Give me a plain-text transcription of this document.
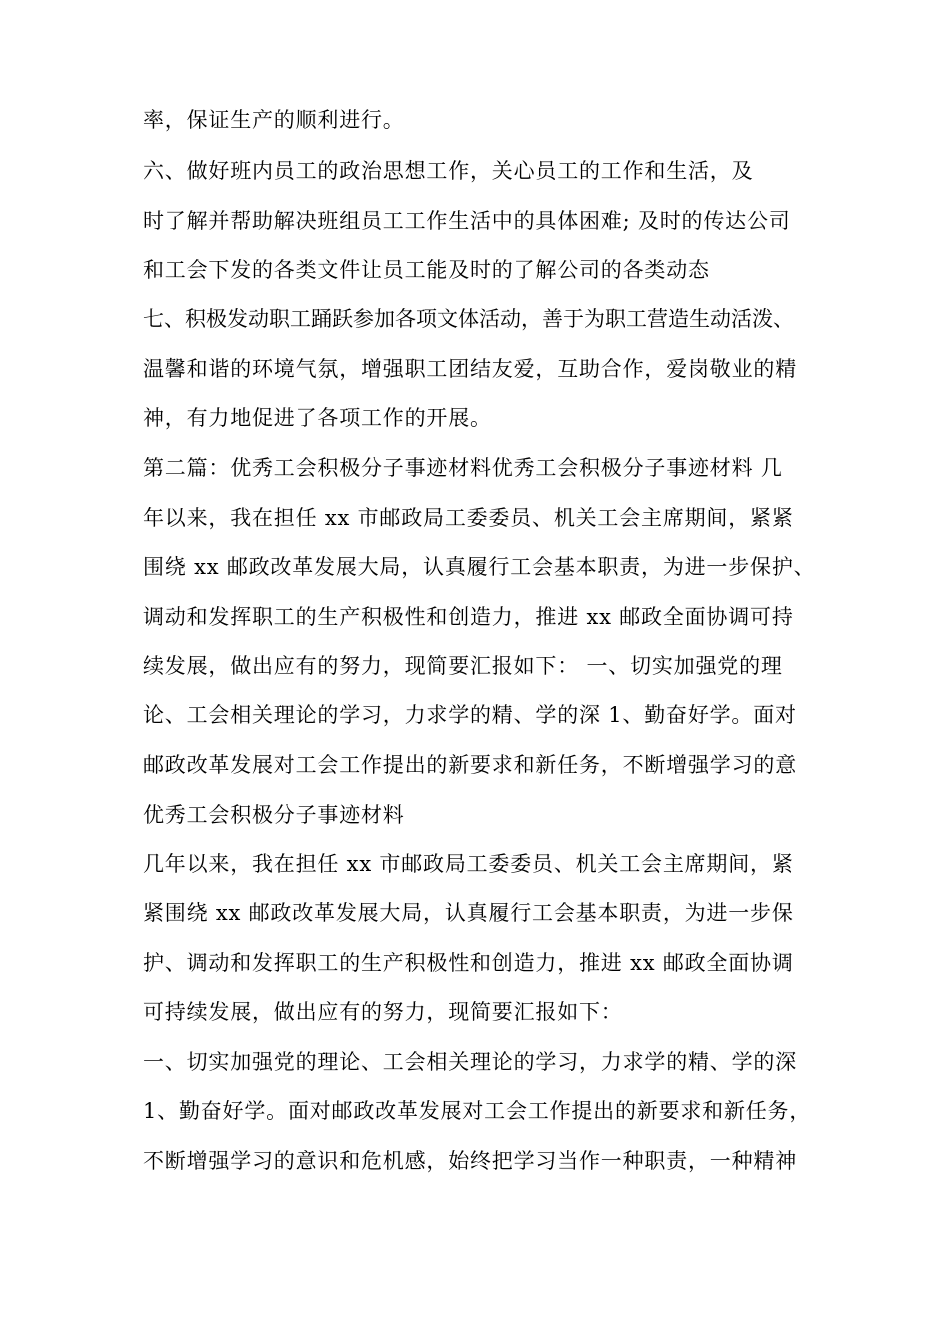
率，保证生产的顺利进行。
六、做好班内员工的政治思想工作，关心员工的工作和生活，及
时了解并帮助解决班组员工工作生活中的具体困难; 及时的传达公司
和工会下发的各类文件让员工能及时的了解公司的各类动态
七、积极发动职工踊跃参加各项文体活动，善于为职工营造生动活泼、
温馨和谐的环境气氛，增强职工团结友爱，互助合作，爱岗敬业的精
神，有力地促进了各项工作的开展。
第二篇：优秀工会积极分子事迹材料优秀工会积极分子事迹材料 几
年以来，我在担任 xx 市邮政局工委委员、机关工会主席期间，紧紧
围绕 xx 邮政改革发展大局，认真履行工会基本职责，为进一步保护、
调动和发挥职工的生产积极性和创造力，推进 xx 邮政全面协调可持
续发展，做出应有的努力，现简要汇报如下： 一、切实加强党的理
论、工会相关理论的学习，力求学的精、学的深 1、勤奋好学。面对
邮政改革发展对工会工作提出的新要求和新任务，不断增强学习的意
优秀工会积极分子事迹材料
几年以来，我在担任 xx 市邮政局工委委员、机关工会主席期间，紧
紧围绕 xx 邮政改革发展大局，认真履行工会基本职责，为进一步保
护、调动和发挥职工的生产积极性和创造力，推进 xx 邮政全面协调
可持续发展，做出应有的努力，现简要汇报如下：
一、切实加强党的理论、工会相关理论的学习，力求学的精、学的深
1、勤奋好学。面对邮政改革发展对工会工作提出的新要求和新任务，
不断增强学习的意识和危机感，始终把学习当作一种职责，一种精神
